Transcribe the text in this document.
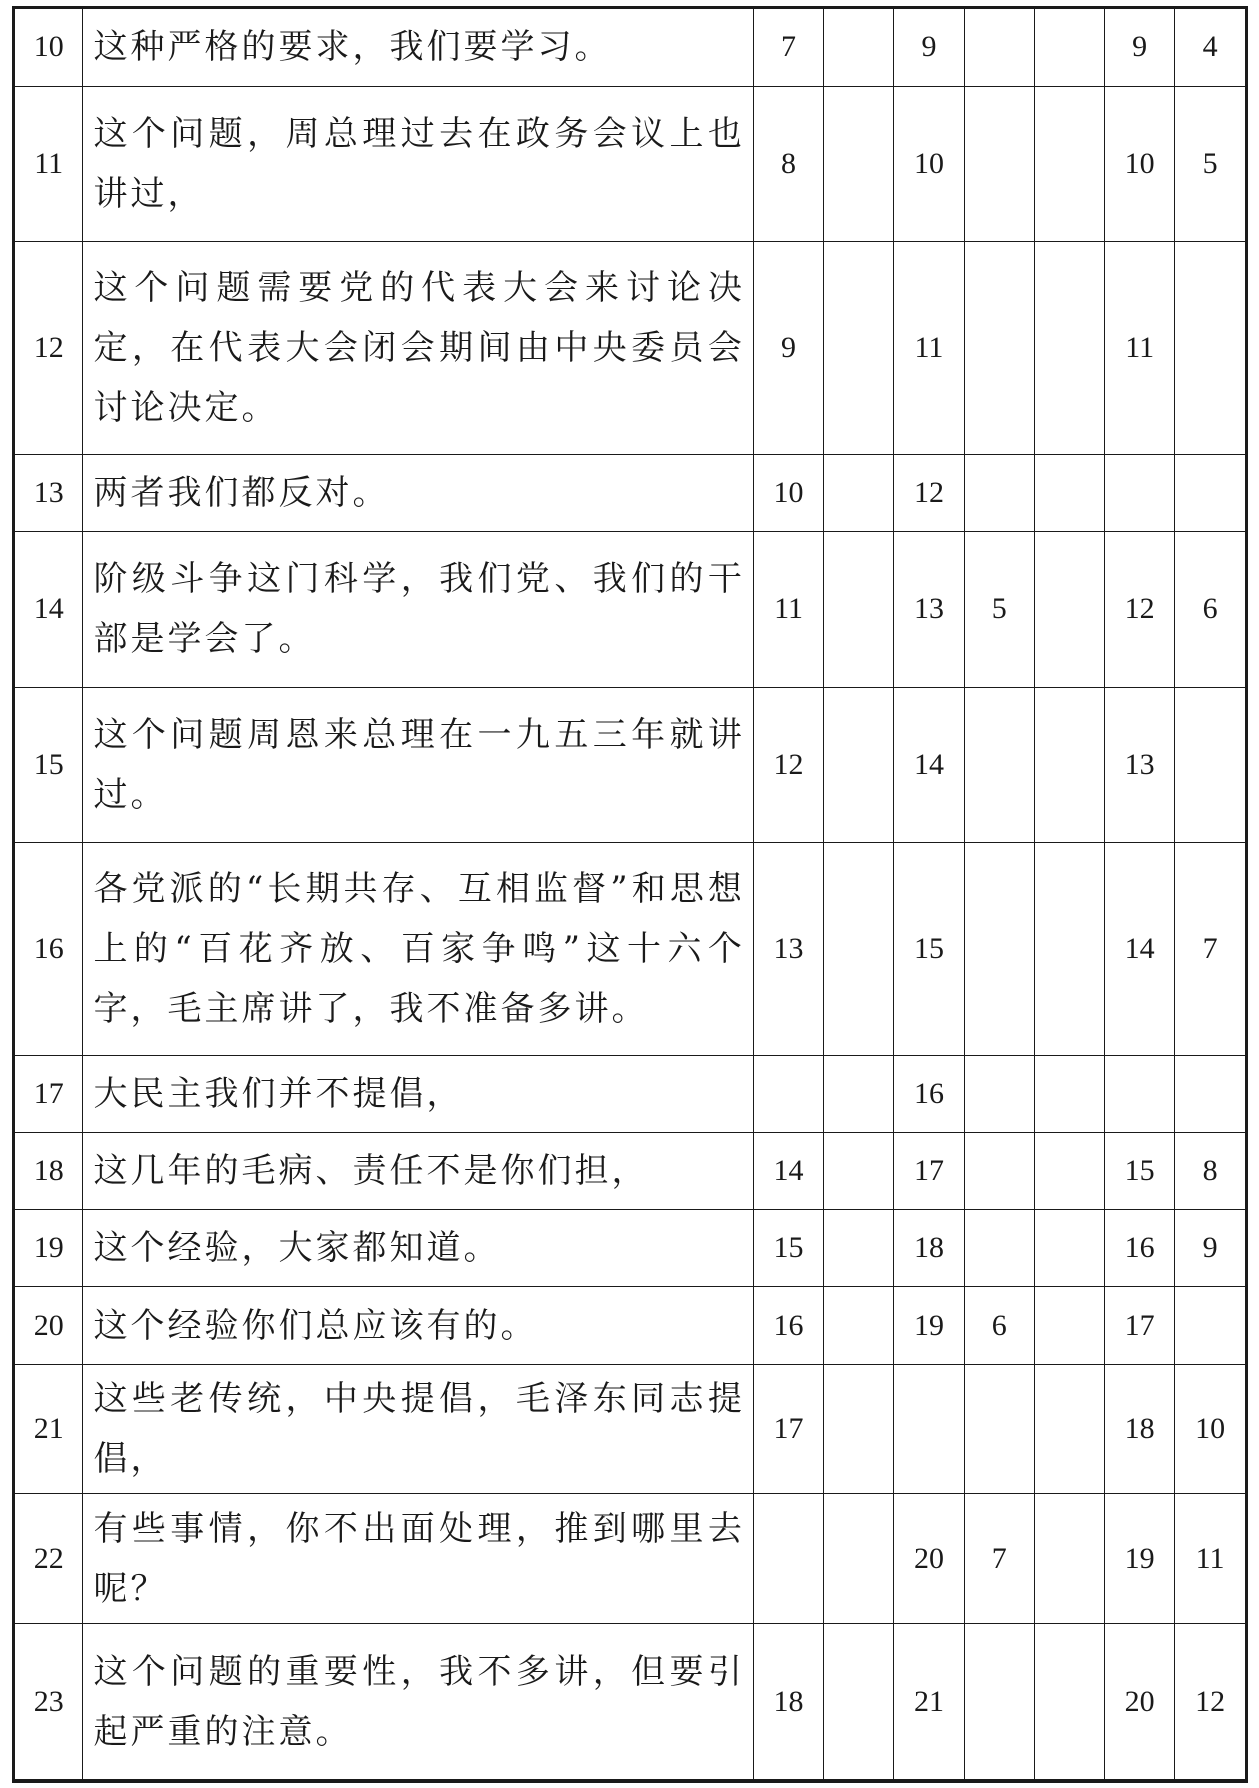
10	这种严格的要求，我们要学习。	7		9			9	4
11	这个问题，周总理过去在政务会议上也讲过，	8		10			10	5
12	这个问题需要党的代表大会来讨论决定，在代表大会闭会期间由中央委员会讨论决定。	9		11			11	
13	两者我们都反对。	10		12				
14	阶级斗争这门科学，我们党、我们的干部是学会了。	11		13	5		12	6
15	这个问题周恩来总理在一九五三年就讲过。	12		14			13	
16	各党派的“长期共存、互相监督”和思想上的“百花齐放、百家争鸣”这十六个字，毛主席讲了，我不准备多讲。	13		15			14	7
17	大民主我们并不提倡，			16				
18	这几年的毛病、责任不是你们担，	14		17			15	8
19	这个经验，大家都知道。	15		18			16	9
20	这个经验你们总应该有的。	16		19	6		17	
21	这些老传统，中央提倡，毛泽东同志提倡，	17					18	10
22	有些事情，你不出面处理，推到哪里去呢？			20	7		19	11
23	这个问题的重要性，我不多讲，但要引起严重的注意。	18		21			20	12
